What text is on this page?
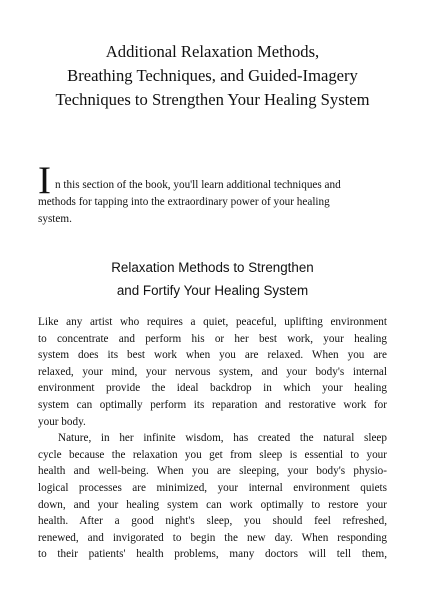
Additional Relaxation Methods,
Breathing Techniques, and Guided-Imagery
Techniques to Strengthen Your Healing System
In this section of the book, you'll learn additional techniques and
methods for tapping into the extraordinary power of your healing
system.
Relaxation Methods to Strengthen
and Fortify Your Healing System
Like any artist who requires a quiet, peaceful, uplifting environment
to concentrate and perform his or her best work, your healing
system does its best work when you are relaxed. When you are
relaxed, your mind, your nervous system, and your body's internal
environment provide the ideal backdrop in which your healing
system can optimally perform its reparation and restorative work for
your body.
Nature, in her infinite wisdom, has created the natural sleep
cycle because the relaxation you get from sleep is essential to your
health and well-being. When you are sleeping, your body's physio-
logical processes are minimized, your internal environment quiets
down, and your healing system can work optimally to restore your
health. After a good night's sleep, you should feel refreshed,
renewed, and invigorated to begin the new day. When responding
to their patients' health problems, many doctors will tell them,
